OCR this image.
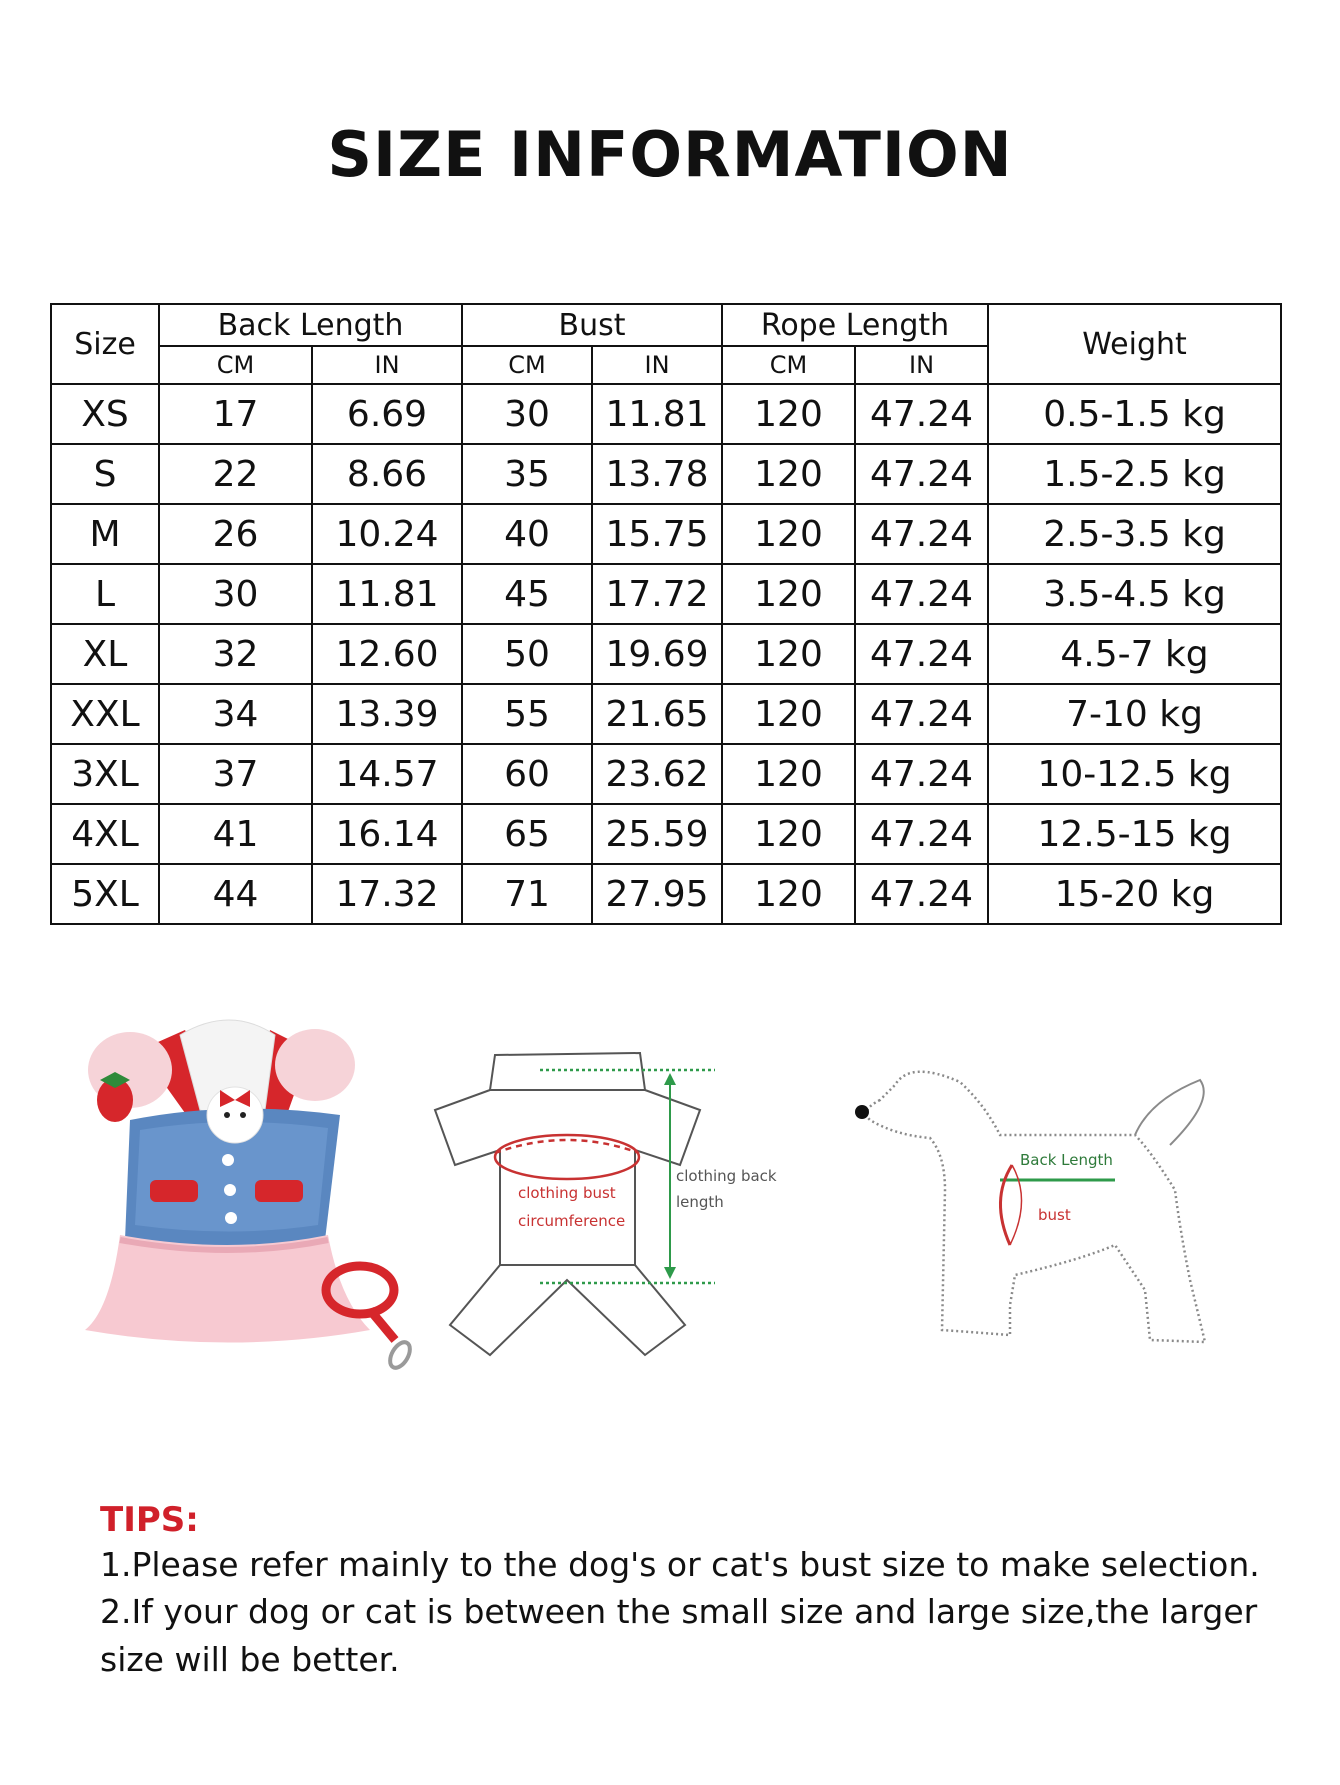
SIZE INFORMATION
Size	Back Length		Bust		Rope Length		Weight
	CM	IN	CM	IN	CM	IN	
XS	17	6.69	30	11.81	120	47.24	0.5-1.5 kg
S	22	8.66	35	13.78	120	47.24	1.5-2.5 kg
M	26	10.24	40	15.75	120	47.24	2.5-3.5 kg
L	30	11.81	45	17.72	120	47.24	3.5-4.5 kg
XL	32	12.60	50	19.69	120	47.24	4.5-7 kg
XXL	34	13.39	55	21.65	120	47.24	7-10 kg
3XL	37	14.57	60	23.62	120	47.24	10-12.5 kg
4XL	41	16.14	65	25.59	120	47.24	12.5-15 kg
5XL	44	17.32	71	27.95	120	47.24	15-20 kg
clothing bust
circumference
clothing back
length
Back Length
bust
TIPS:
1.Please refer mainly to the dog's or cat's bust size to make selection.
2.If your dog or cat is between the small size and large size,the larger
size will be better.
